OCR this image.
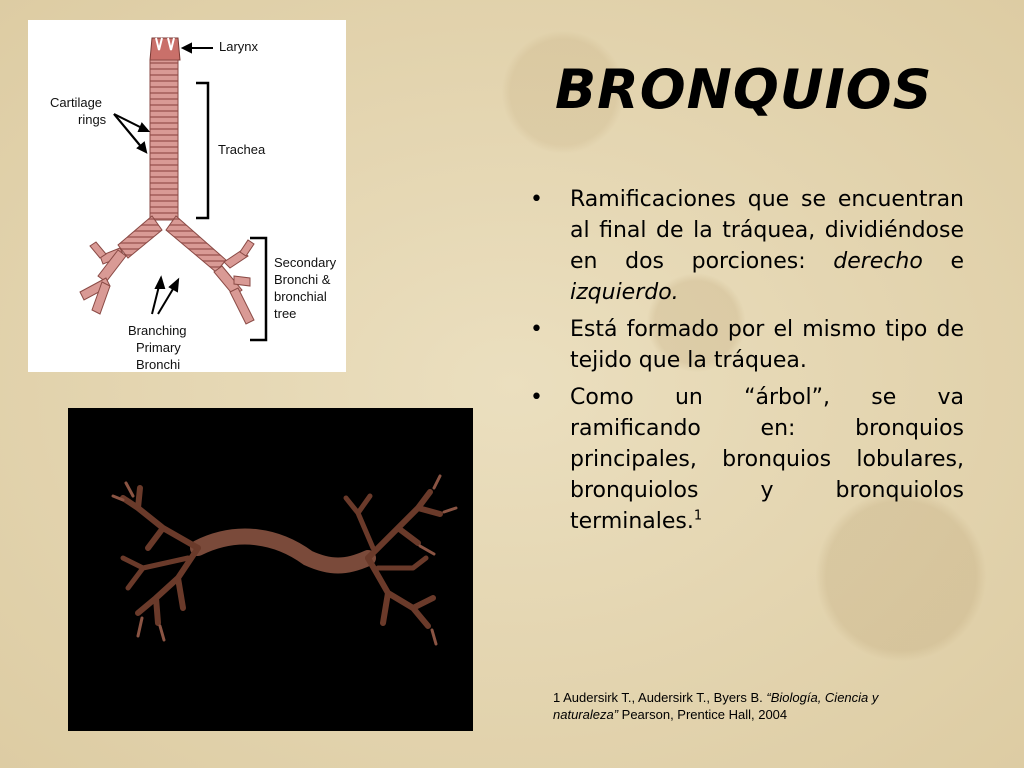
Larynx
Cartilage
rings
Trachea
Secondary
Bronchi &
bronchial
tree
Branching
Primary
Bronchi
BRONQUIOS
• Ramificaciones que se encuentran al final de la tráquea, dividiéndose en dos porciones: derecho e izquierdo.
• Está formado por el mismo tipo de tejido que la tráquea.
• Como un “árbol”, se va ramificando en: bronquios principales, bronquios lobulares, bronquiolos y bronquiolos terminales.$^1$
1 Audersirk T., Audersirk T., Byers B. “Biología, Ciencia y naturaleza” Pearson, Prentice Hall, 2004
